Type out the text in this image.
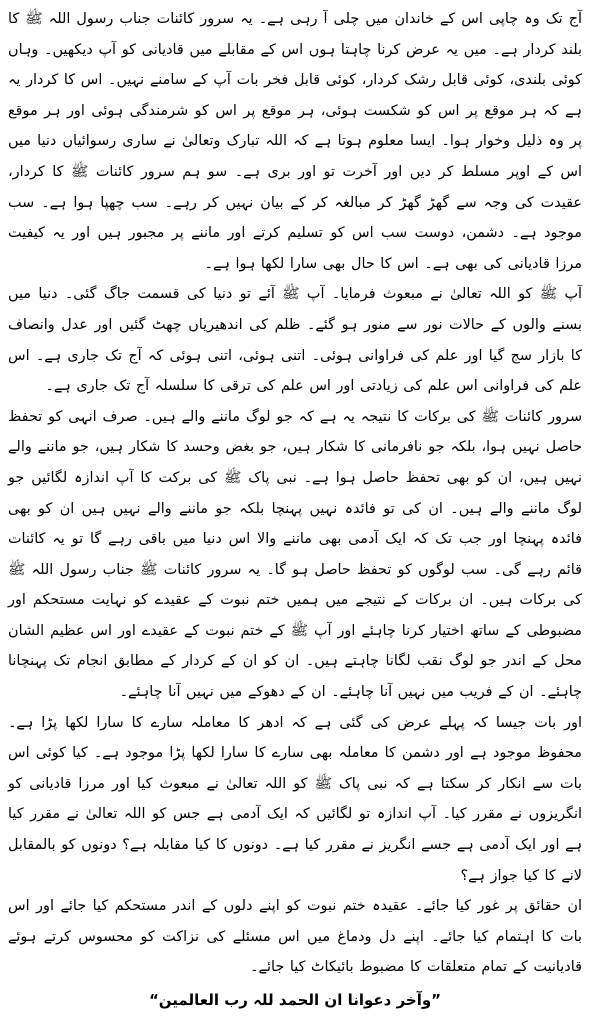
آج تک وہ چاپی اس کے خاندان میں چلی آ رہی ہے۔ یہ سرور کائنات جناب رسول اللہ ﷺ کا بلند کردار ہے۔ میں یہ عرض کرنا چاہتا ہوں اس کے مقابلے میں قادیانی کو آپ دیکھیں۔ وہاں کوئی بلندی، کوئی قابل رشک کردار، کوئی قابل فخر بات آپ کے سامنے نہیں۔ اس کا کردار یہ ہے کہ ہر موقع پر اس کو شکست ہوئی، ہر موقع پر اس کو شرمندگی ہوئی اور ہر موقع پر وہ ذلیل وخوار ہوا۔ ایسا معلوم ہوتا ہے کہ اللہ تبارک وتعالیٰ نے ساری رسوائیاں دنیا میں اس کے اوپر مسلط کر دیں اور آخرت تو اور بری ہے۔ سو ہم سرور کائنات ﷺ کا کردار، عقیدت کی وجہ سے گھڑ گھڑ کر مبالغہ کر کے بیان نہیں کر رہے۔ سب چھپا ہوا ہے۔ سب موجود ہے۔ دشمن، دوست سب اس کو تسلیم کرتے اور ماننے پر مجبور ہیں اور یہ کیفیت مرزا قادیانی کی بھی ہے۔ اس کا حال بھی سارا لکھا ہوا ہے۔

آپ ﷺ کو اللہ تعالیٰ نے مبعوث فرمایا۔ آپ ﷺ آئے تو دنیا کی قسمت جاگ گئی۔ دنیا میں بسنے والوں کے حالات نور سے منور ہو گئے۔ ظلم کی اندھیریاں چھٹ گئیں اور عدل وانصاف کا بازار سج گیا اور علم کی فراوانی ہوئی۔ اتنی ہوئی، اتنی ہوئی کہ آج تک جاری ہے۔ اس علم کی فراوانی اس علم کی زیادتی اور اس علم کی ترقی کا سلسلہ آج تک جاری ہے۔

سرور کائنات ﷺ کی برکات کا نتیجہ یہ ہے کہ جو لوگ ماننے والے ہیں۔ صرف انہی کو تحفظ حاصل نہیں ہوا، بلکہ جو نافرمانی کا شکار ہیں، جو بغض وحسد کا شکار ہیں، جو ماننے والے نہیں ہیں، ان کو بھی تحفظ حاصل ہوا ہے۔ نبی پاک ﷺ کی برکت کا آپ اندازہ لگائیں جو لوگ ماننے والے ہیں۔ ان کی تو فائدہ نہیں پہنچا بلکہ جو ماننے والے نہیں ہیں ان کو بھی فائدہ پہنچا اور جب تک کہ ایک آدمی بھی ماننے والا اس دنیا میں باقی رہے گا تو یہ کائنات قائم رہے گی۔ سب لوگوں کو تحفظ حاصل ہو گا۔ یہ سرور کائنات ﷺ جناب رسول اللہ ﷺ کی برکات ہیں۔ ان برکات کے نتیجے میں ہمیں ختم نبوت کے عقیدے کو نہایت مستحکم اور مضبوطی کے ساتھ اختیار کرنا چاہئے اور آپ ﷺ کے ختم نبوت کے عقیدے اور اس عظیم الشان محل کے اندر جو لوگ نقب لگانا چاہتے ہیں۔ ان کو ان کے کردار کے مطابق انجام تک پہنچانا چاہئے۔ ان کے فریب میں نہیں آنا چاہئے۔ ان کے دھوکے میں نہیں آنا چاہئے۔

اور بات جیسا کہ پہلے عرض کی گئی ہے کہ ادھر کا معاملہ سارے کا سارا لکھا پڑا ہے۔ محفوظ موجود ہے اور دشمن کا معاملہ بھی سارے کا سارا لکھا پڑا موجود ہے۔ کیا کوئی اس بات سے انکار کر سکتا ہے کہ نبی پاک ﷺ کو اللہ تعالیٰ نے مبعوث کیا اور مرزا قادیانی کو انگریزوں نے مقرر کیا۔ آپ اندازہ تو لگائیں کہ ایک آدمی ہے جس کو اللہ تعالیٰ نے مقرر کیا ہے اور ایک آدمی ہے جسے انگریز نے مقرر کیا ہے۔ دونوں کا کیا مقابلہ ہے؟ دونوں کو بالمقابل لانے کا کیا جواز ہے؟

ان حقائق پر غور کیا جائے۔ عقیدہ ختم نبوت کو اپنے دلوں کے اندر مستحکم کیا جائے اور اس بات کا اہتمام کیا جائے۔ اپنے دل ودماغ میں اس مسئلے کی نزاکت کو محسوس کرتے ہوئے قادیانیت کے تمام متعلقات کا مضبوط بائیکاٹ کیا جائے۔

”وآخر دعوانا ان الحمد للہ رب العالمین“
